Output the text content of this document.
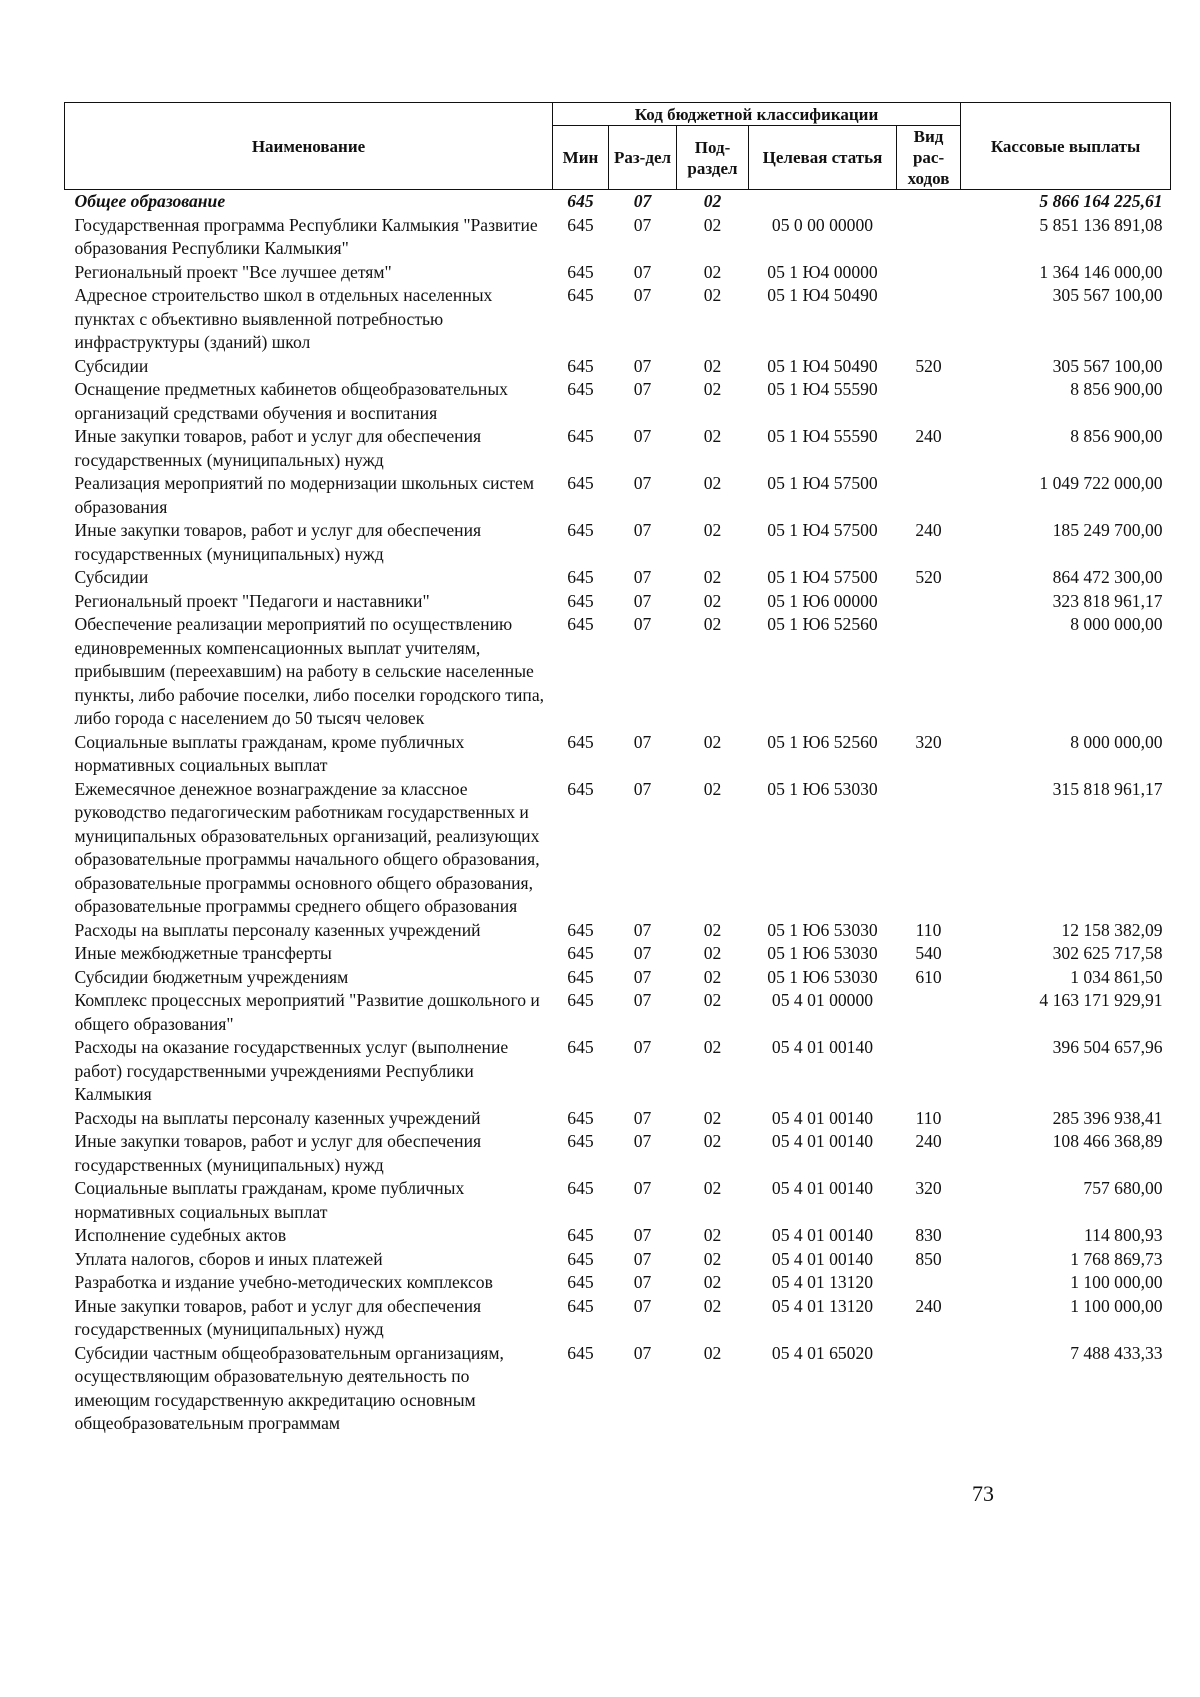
Наименование	Код бюджетной классификации					Кассовые выплаты
	Мин	Раз-дел	Под-раздел	Целевая статья	Вид рас-ходов	
Общее образование	645	07	02			5 866 164 225,61
Государственная программа Республики Калмыкия "Развитие образования Республики Калмыкия"	645	07	02	05 0 00 00000		5 851 136 891,08
Региональный проект "Все лучшее детям"	645	07	02	05 1 Ю4 00000		1 364 146 000,00
Адресное строительство школ в отдельных населенных пунктах с объективно выявленной потребностью инфраструктуры (зданий) школ	645	07	02	05 1 Ю4 50490		305 567 100,00
Субсидии	645	07	02	05 1 Ю4 50490	520	305 567 100,00
Оснащение предметных кабинетов общеобразовательных организаций средствами обучения и воспитания	645	07	02	05 1 Ю4 55590		8 856 900,00
Иные закупки товаров, работ и услуг для обеспечения государственных (муниципальных) нужд	645	07	02	05 1 Ю4 55590	240	8 856 900,00
Реализация мероприятий по модернизации школьных систем образования	645	07	02	05 1 Ю4 57500		1 049 722 000,00
Иные закупки товаров, работ и услуг для обеспечения государственных (муниципальных) нужд	645	07	02	05 1 Ю4 57500	240	185 249 700,00
Субсидии	645	07	02	05 1 Ю4 57500	520	864 472 300,00
Региональный проект "Педагоги и наставники"	645	07	02	05 1 Ю6 00000		323 818 961,17
Обеспечение реализации мероприятий по осуществлению единовременных компенсационных выплат учителям, прибывшим (переехавшим) на работу в сельские населенные пункты, либо рабочие поселки, либо поселки городского типа, либо города с населением до 50 тысяч человек	645	07	02	05 1 Ю6 52560		8 000 000,00
Социальные выплаты гражданам, кроме публичных нормативных социальных выплат	645	07	02	05 1 Ю6 52560	320	8 000 000,00
Ежемесячное денежное вознаграждение за классное руководство педагогическим работникам государственных и муниципальных образовательных организаций, реализующих образовательные программы начального общего образования, образовательные программы основного общего образования, образовательные программы среднего общего образования	645	07	02	05 1 Ю6 53030		315 818 961,17
Расходы на выплаты персоналу казенных учреждений	645	07	02	05 1 Ю6 53030	110	12 158 382,09
Иные межбюджетные трансферты	645	07	02	05 1 Ю6 53030	540	302 625 717,58
Субсидии бюджетным учреждениям	645	07	02	05 1 Ю6 53030	610	1 034 861,50
Комплекс процессных мероприятий "Развитие дошкольного и общего образования"	645	07	02	05 4 01 00000		4 163 171 929,91
Расходы на оказание государственных услуг (выполнение работ) государственными учреждениями Республики Калмыкия	645	07	02	05 4 01 00140		396 504 657,96
Расходы на выплаты персоналу казенных учреждений	645	07	02	05 4 01 00140	110	285 396 938,41
Иные закупки товаров, работ и услуг для обеспечения государственных (муниципальных) нужд	645	07	02	05 4 01 00140	240	108 466 368,89
Социальные выплаты гражданам, кроме публичных нормативных социальных выплат	645	07	02	05 4 01 00140	320	757 680,00
Исполнение судебных актов	645	07	02	05 4 01 00140	830	114 800,93
Уплата налогов, сборов и иных платежей	645	07	02	05 4 01 00140	850	1 768 869,73
Разработка и издание учебно-методических комплексов	645	07	02	05 4 01 13120		1 100 000,00
Иные закупки товаров, работ и услуг для обеспечения государственных (муниципальных) нужд	645	07	02	05 4 01 13120	240	1 100 000,00
Субсидии частным общеобразовательным организациям, осуществляющим образовательную деятельность по имеющим государственную аккредитацию основным общеобразовательным программам	645	07	02	05 4 01 65020		7 488 433,33
73
